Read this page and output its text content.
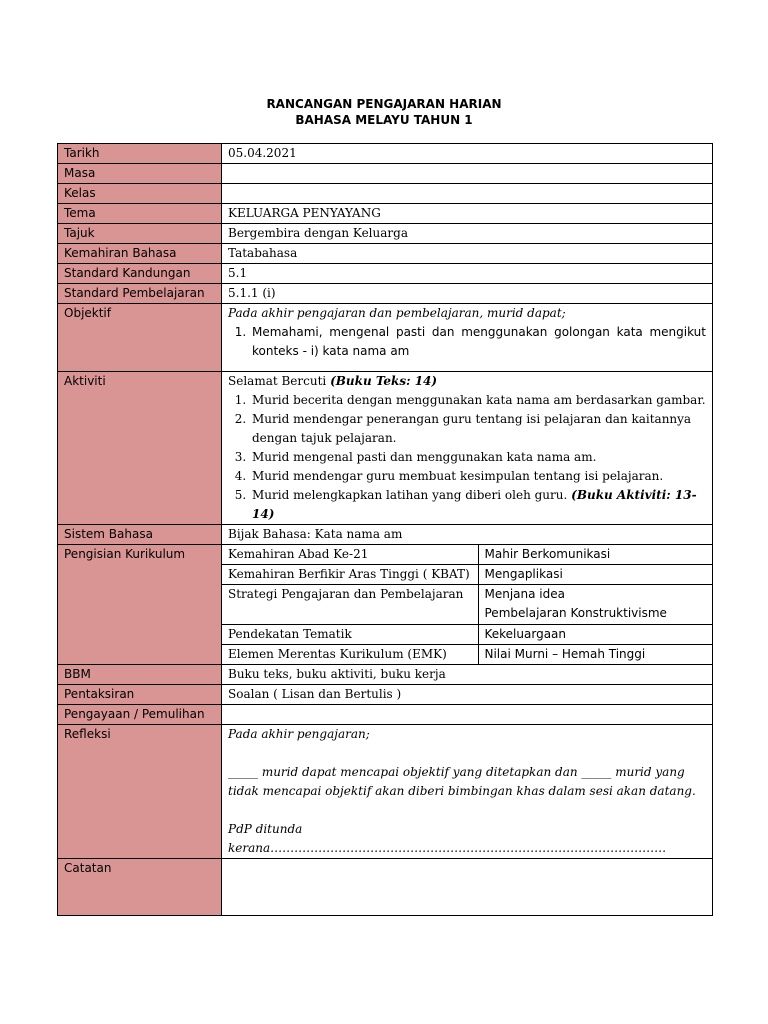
RANCANGAN PENGAJARAN HARIAN
BAHASA MELAYU TAHUN 1
Tarikh	05.04.2021
Masa	
Kelas	
Tema	KELUARGA PENYAYANG
Tajuk	Bergembira dengan Keluarga
Kemahiran Bahasa	Tatabahasa
Standard Kandungan	5.1
Standard Pembelajaran	5.1.1 (i)
Objektif	Pada akhir pengajaran dan pembelajaran, murid dapat;
1. Memahami, mengenal pasti dan menggunakan golongan kata mengikut konteks - i) kata nama am

Aktiviti	Selamat Bercuti (Buku Teks: 14)
1. Murid becerita dengan menggunakan kata nama am berdasarkan gambar.
2. Murid mendengar penerangan guru tentang isi pelajaran dan kaitannya dengan tajuk pelajaran.
3. Murid mengenal pasti dan menggunakan kata nama am.
4. Murid mendengar guru membuat kesimpulan tentang isi pelajaran.
5. Murid melengkapkan latihan yang diberi oleh guru. (Buku Aktiviti: 13-14)

Sistem Bahasa	Bijak Bahasa: Kata nama am
Pengisian Kurikulum		Kemahiran Abad Ke-21	Mahir Berkomunikasi
Kemahiran Berfikir Aras Tinggi ( KBAT)	Mengaplikasi
Strategi Pengajaran dan Pembelajaran	Menjana idea
Pembelajaran Konstruktivisme

Pendekatan Tematik	Kekeluargaan
Elemen Merentas Kurikulum (EMK)	Nilai Murni – Hemah Tinggi

BBM	Buku teks, buku aktiviti, buku kerja
Pentaksiran	Soalan ( Lisan dan Bertulis )
Pengayaan / Pemulihan	
Refleksi	Pada akhir pengajaran;

_____ murid dapat mencapai objektif yang ditetapkan dan _____ murid yang tidak mencapai objektif akan diberi bimbingan khas dalam sesi akan datang.

PdP ditunda kerana………………………………………………………………………………………

Catatan	
